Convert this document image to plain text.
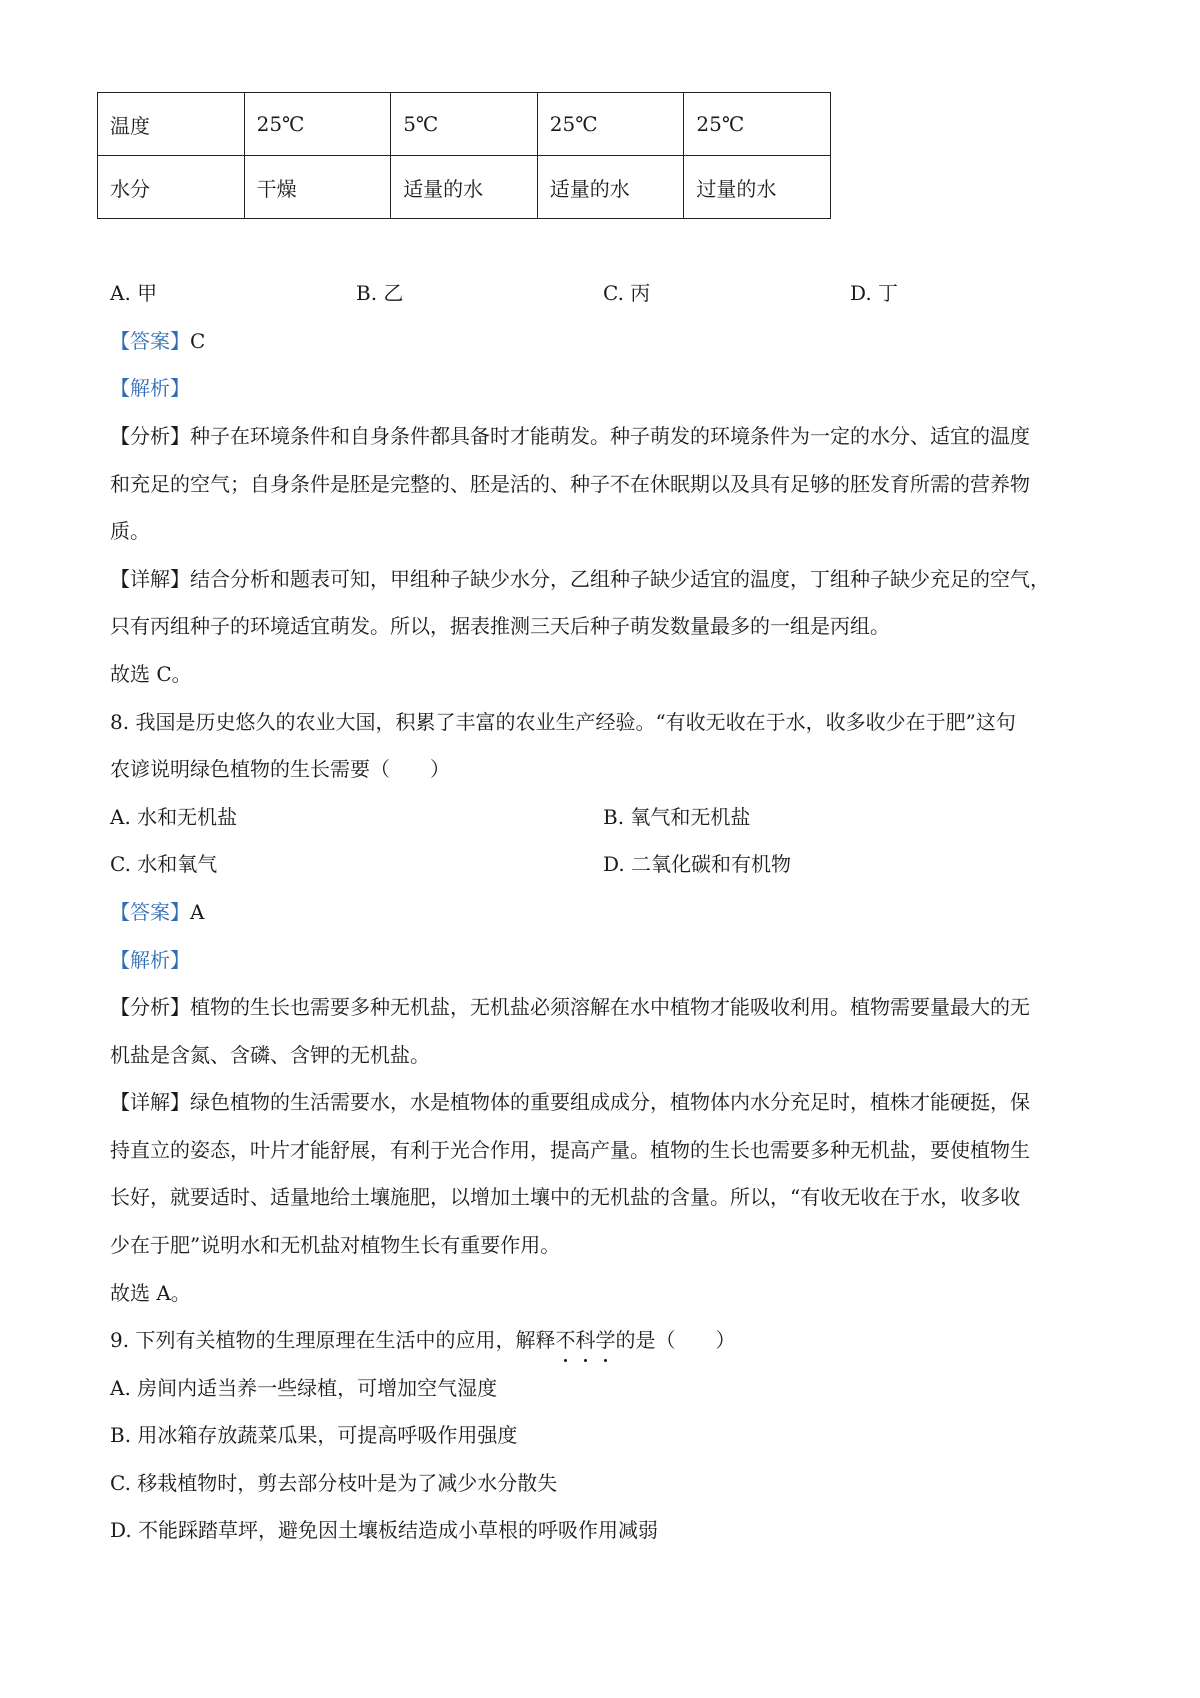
温度	25℃	5℃	25℃	25℃
水分	干燥	适量的水	适量的水	过量的水
A. 甲	B. 乙	C. 丙	D. 丁
【答案】C
【解析】
【分析】种子在环境条件和自身条件都具备时才能萌发。种子萌发的环境条件为一定的水分、适宜的温度
和充足的空气；自身条件是胚是完整的、胚是活的、种子不在休眠期以及具有足够的胚发育所需的营养物
质。
【详解】结合分析和题表可知，甲组种子缺少水分，乙组种子缺少适宜的温度，丁组种子缺少充足的空气，
只有丙组种子的环境适宜萌发。所以，据表推测三天后种子萌发数量最多的一组是丙组。
故选 C。
8. 我国是历史悠久的农业大国，积累了丰富的农业生产经验。“有收无收在于水，收多收少在于肥”这句
农谚说明绿色植物的生长需要（　　）
A. 水和无机盐	B. 氧气和无机盐
C. 水和氧气	D. 二氧化碳和有机物
【答案】A
【解析】
【分析】植物的生长也需要多种无机盐，无机盐必须溶解在水中植物才能吸收利用。植物需要量最大的无
机盐是含氮、含磷、含钾的无机盐。
【详解】绿色植物的生活需要水，水是植物体的重要组成成分，植物体内水分充足时，植株才能硬挺，保
持直立的姿态，叶片才能舒展，有利于光合作用，提高产量。植物的生长也需要多种无机盐，要使植物生
长好，就要适时、适量地给土壤施肥，以增加土壤中的无机盐的含量。所以，“有收无收在于水，收多收
少在于肥”说明水和无机盐对植物生长有重要作用。
故选 A。
9. 下列有关植物的生理原理在生活中的应用，解释不科学的是（　　）
A. 房间内适当养一些绿植，可增加空气湿度
B. 用冰箱存放蔬菜瓜果，可提高呼吸作用强度
C. 移栽植物时，剪去部分枝叶是为了减少水分散失
D. 不能踩踏草坪，避免因土壤板结造成小草根的呼吸作用减弱
